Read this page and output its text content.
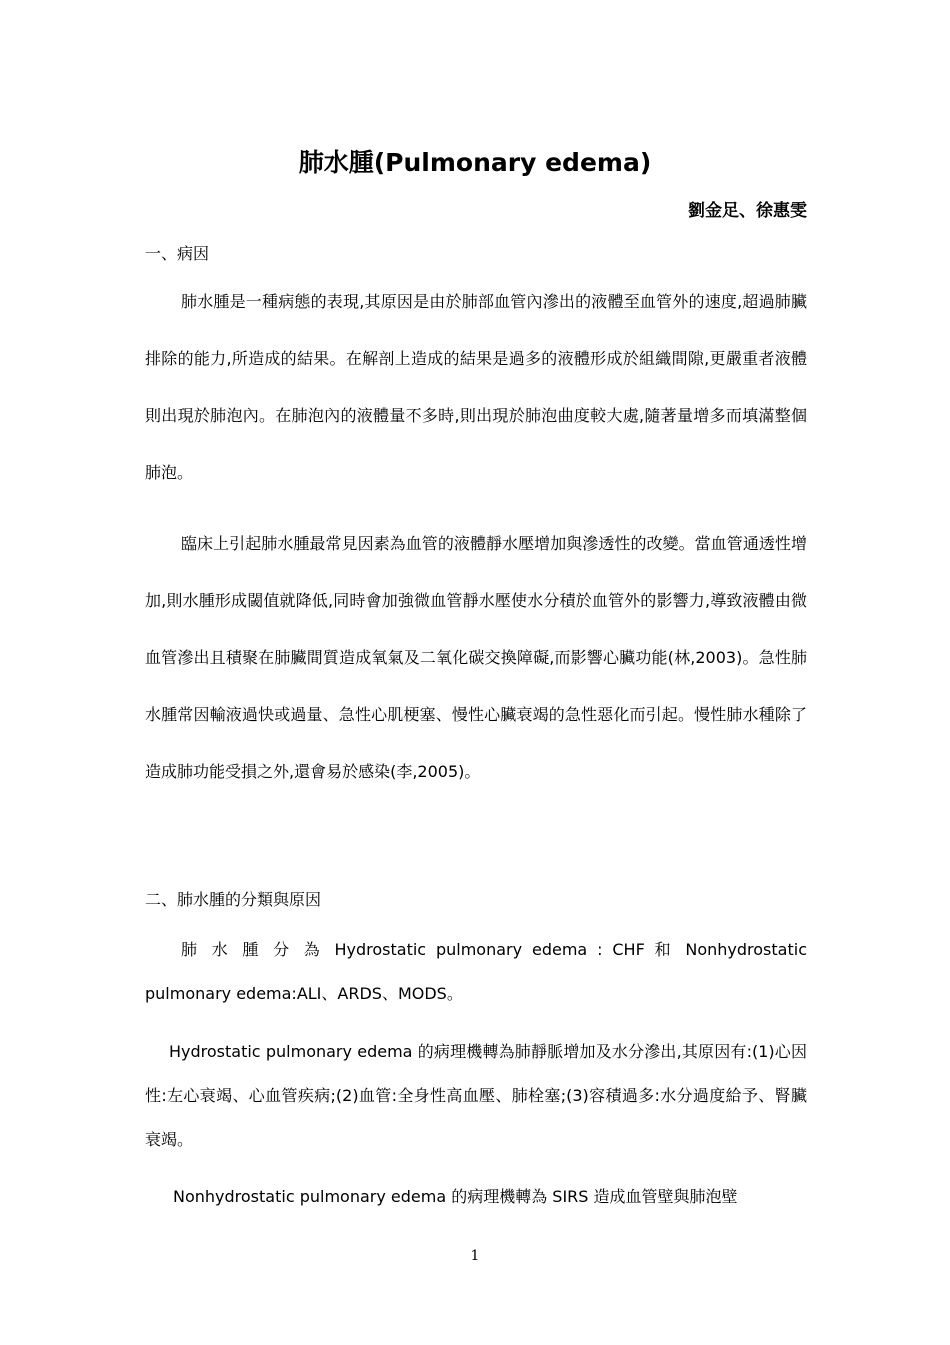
肺水腫(Pulmonary edema)
劉金足、徐惠雯
一、病因

肺水腫是一種病態的表現,其原因是由於肺部血管內滲出的液體至血管外的速度,超過肺臟排除的能力,所造成的結果。在解剖上造成的結果是過多的液體形成於組織間隙,更嚴重者液體則出現於肺泡內。在肺泡內的液體量不多時,則出現於肺泡曲度較大處,隨著量增多而填滿整個肺泡。

臨床上引起肺水腫最常見因素為血管的液體靜水壓增加與滲透性的改變。當血管通透性增加,則水腫形成閾值就降低,同時會加強微血管靜水壓使水分積於血管外的影響力,導致液體由微血管滲出且積聚在肺臟間質造成氧氣及二氧化碳交換障礙,而影響心臟功能(林,2003)。急性肺水腫常因輸液過快或過量、急性心肌梗塞、慢性心臟衰竭的急性惡化而引起。慢性肺水種除了造成肺功能受損之外,還會易於感染(李,2005)。

二、肺水腫的分類與原因

肺 水 腫 分 為 Hydrostatic pulmonary edema : CHF 和 Nonhydrostatic pulmonary edema:ALI、ARDS、MODS。

Hydrostatic pulmonary edema 的病理機轉為肺靜脈增加及水分滲出,其原因有:(1)心因性:左心衰竭、心血管疾病;(2)血管:全身性高血壓、肺栓塞;(3)容積過多:水分過度給予、腎臟衰竭。

Nonhydrostatic pulmonary edema 的病理機轉為 SIRS 造成血管壁與肺泡壁

1
